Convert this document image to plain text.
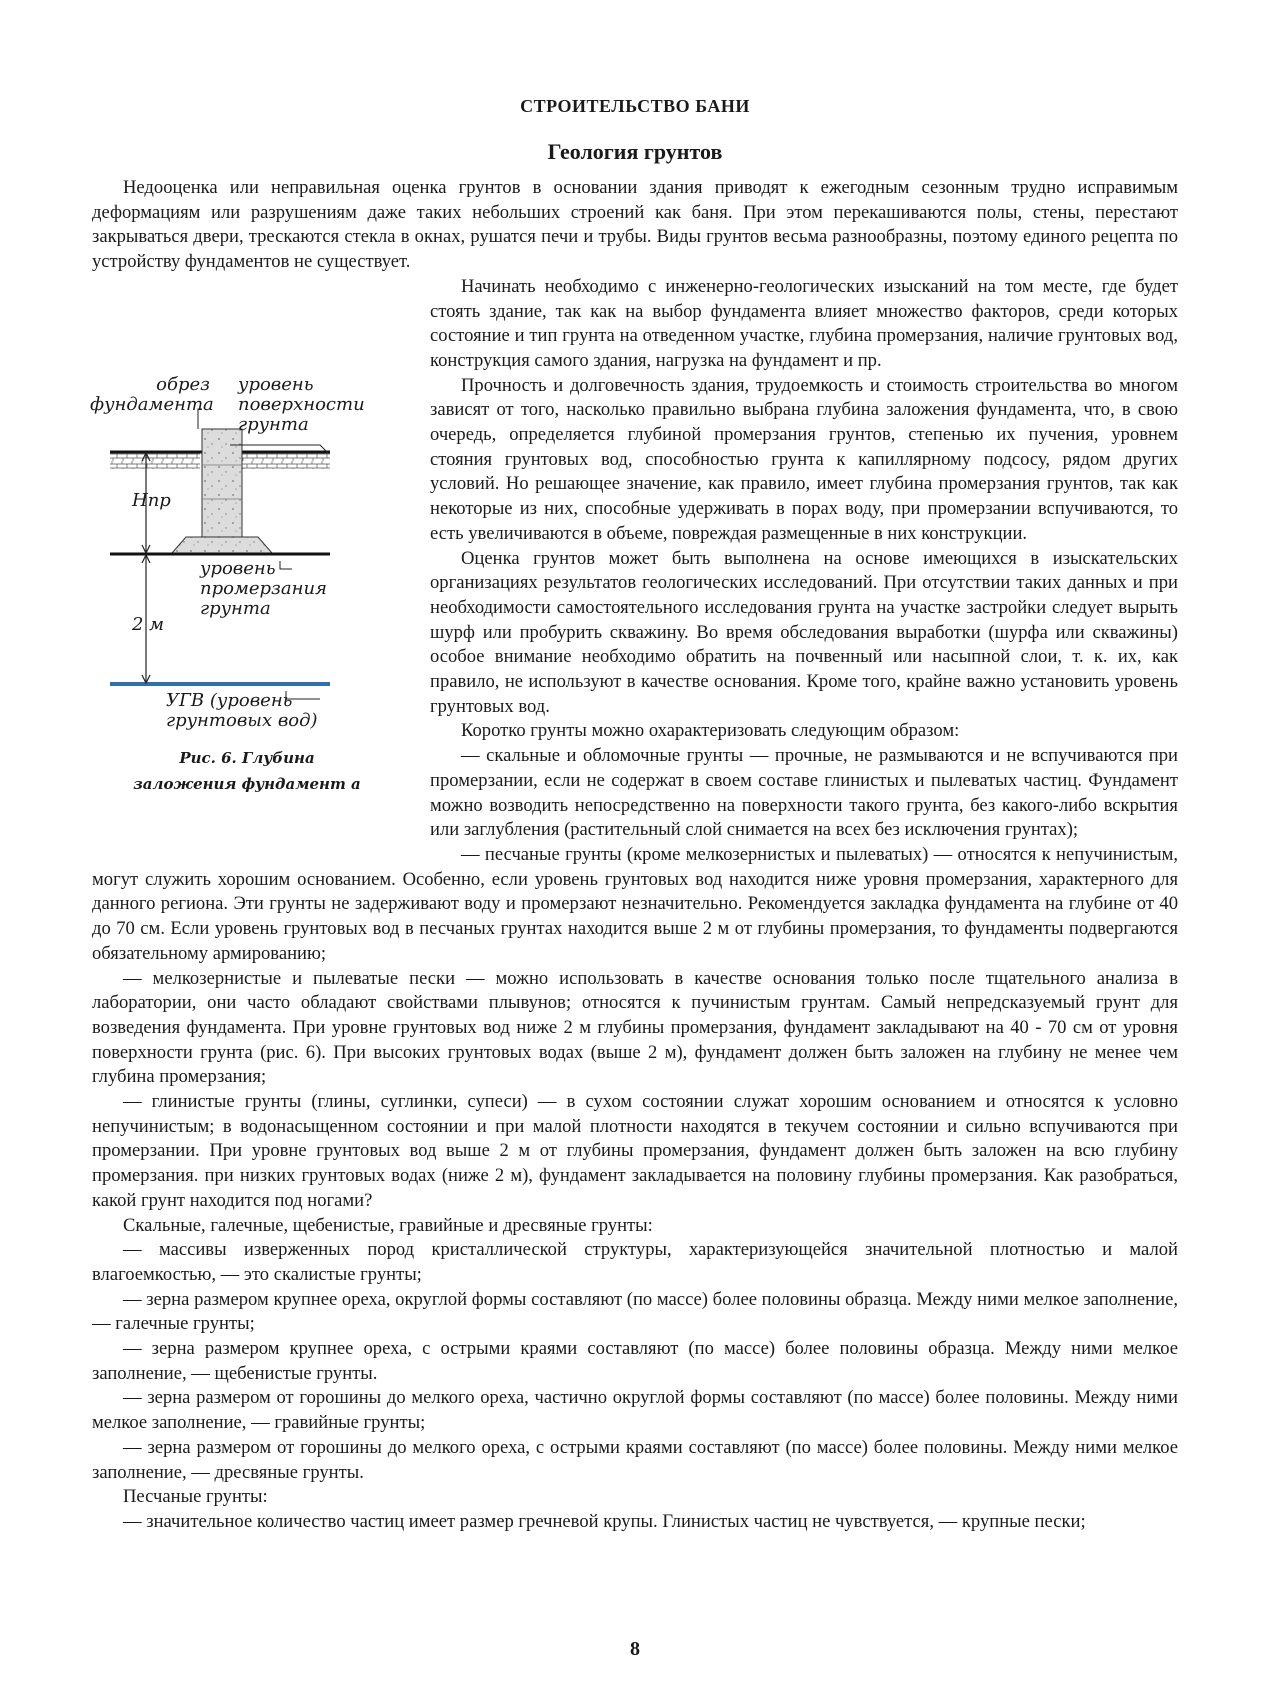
СТРОИТЕЛЬСТВО БАНИ
Геология грунтов

Недооценка или неправильная оценка грунтов в основании здания приводят к ежегодным сезонным трудно исправимым деформациям или разрушениям даже таких небольших строений как баня. При этом перекашиваются полы, стены, перестают закрываться двери, трескаются стекла в окнах, рушатся печи и трубы. Виды грунтов весьма разнообразны, поэтому единого рецепта по устройству фундаментов не существует.

обрез
фундамента
уровень
поверхности
грунта
Hпр
уровень
промерзания
грунта
2 м
УГВ (уровень
грунтовых вод)
Рис. 6. Глубина заложения фундамент а

Начинать необходимо с инженерно-геологических изысканий на том месте, где будет стоять здание, так как на выбор фундамента влияет множество факторов, среди которых состояние и тип грунта на отведенном участке, глубина промерзания, наличие грунтовых вод, конструкция самого здания, нагрузка на фундамент и пр.

Прочность и долговечность здания, трудоемкость и стоимость строительства во многом зависят от того, насколько правильно выбрана глубина заложения фундамента, что, в свою очередь, определяется глубиной промерзания грунтов, степенью их пучения, уровнем стояния грунтовых вод, способностью грунта к капиллярному подсосу, рядом других условий. Но решающее значение, как правило, имеет глубина промерзания грунтов, так как некоторые из них, способные удерживать в порах воду, при промерзании вспучиваются, то есть увеличиваются в объеме, повреждая размещенные в них конструкции.

Оценка грунтов может быть выполнена на основе имеющихся в изыскательских организациях результатов геологических исследований. При отсутствии таких данных и при необходимости самостоятельного исследования грунта на участке застройки следует вырыть шурф или пробурить скважину. Во время обследования выработки (шурфа или скважины) особое внимание необходимо обратить на почвенный или насыпной слои, т. к. их, как правило, не используют в качестве основания. Кроме того, крайне важно установить уровень грунтовых вод.

Коротко грунты можно охарактеризовать следующим образом:

— скальные и обломочные грунты — прочные, не размываются и не вспучиваются при промерзании, если не содержат в своем составе глинистых и пылеватых частиц. Фундамент можно возводить непосредственно на поверхности такого грунта, без какого-либо вскрытия или заглубления (растительный слой снимается на всех без исключения грунтах);

— песчаные грунты (кроме мелкозернистых и пылеватых) — относятся к непучинистым, могут служить хорошим основанием. Особенно, если уровень грунтовых вод находится ниже уровня промерзания, характерного для данного региона. Эти грунты не задерживают воду и промерзают незначительно. Рекомендуется закладка фундамента на глубине от 40 до 70 см. Если уровень грунтовых вод в песчаных грунтах находится выше 2 м от глубины промерзания, то фундаменты подвергаются обязательному армированию;

— мелкозернистые и пылеватые пески — можно использовать в качестве основания только после тщательного анализа в лаборатории, они часто обладают свойствами плывунов; относятся к пучинистым грунтам. Самый непредсказуемый грунт для возведения фундамента. При уровне грунтовых вод ниже 2 м глубины промерзания, фундамент закладывают на 40 - 70 см от уровня поверхности грунта (рис. 6). При высоких грунтовых водах (выше 2 м), фундамент должен быть заложен на глубину не менее чем глубина промерзания;

— глинистые грунты (глины, суглинки, супеси) — в сухом состоянии служат хорошим основанием и относятся к условно непучинистым; в водонасыщенном состоянии и при малой плотности находятся в текучем состоянии и сильно вспучиваются при промерзании. При уровне грунтовых вод выше 2 м от глубины промерзания, фундамент должен быть заложен на всю глубину промерзания. при низких грунтовых водах (ниже 2 м), фундамент закладывается на половину глубины промерзания. Как разобраться, какой грунт находится под ногами?

Скальные, галечные, щебенистые, гравийные и дресвяные грунты:

— массивы изверженных пород кристаллической структуры, характеризующейся значительной плотностью и малой влагоемкостью, — это скалистые грунты;

— зерна размером крупнее ореха, округлой формы составляют (по массе) более половины образца. Между ними мелкое заполнение, — галечные грунты;

— зерна размером крупнее ореха, с острыми краями составляют (по массе) более половины образца. Между ними мелкое заполнение, — щебенистые грунты.

— зерна размером от горошины до мелкого ореха, частично округлой формы составляют (по массе) более половины. Между ними мелкое заполнение, — гравийные грунты;

— зерна размером от горошины до мелкого ореха, с острыми краями составляют (по массе) более половины. Между ними мелкое заполнение, — дресвяные грунты.

Песчаные грунты:

— значительное количество частиц имеет размер гречневой крупы. Глинистых частиц не чувствуется, — крупные пески;

8
